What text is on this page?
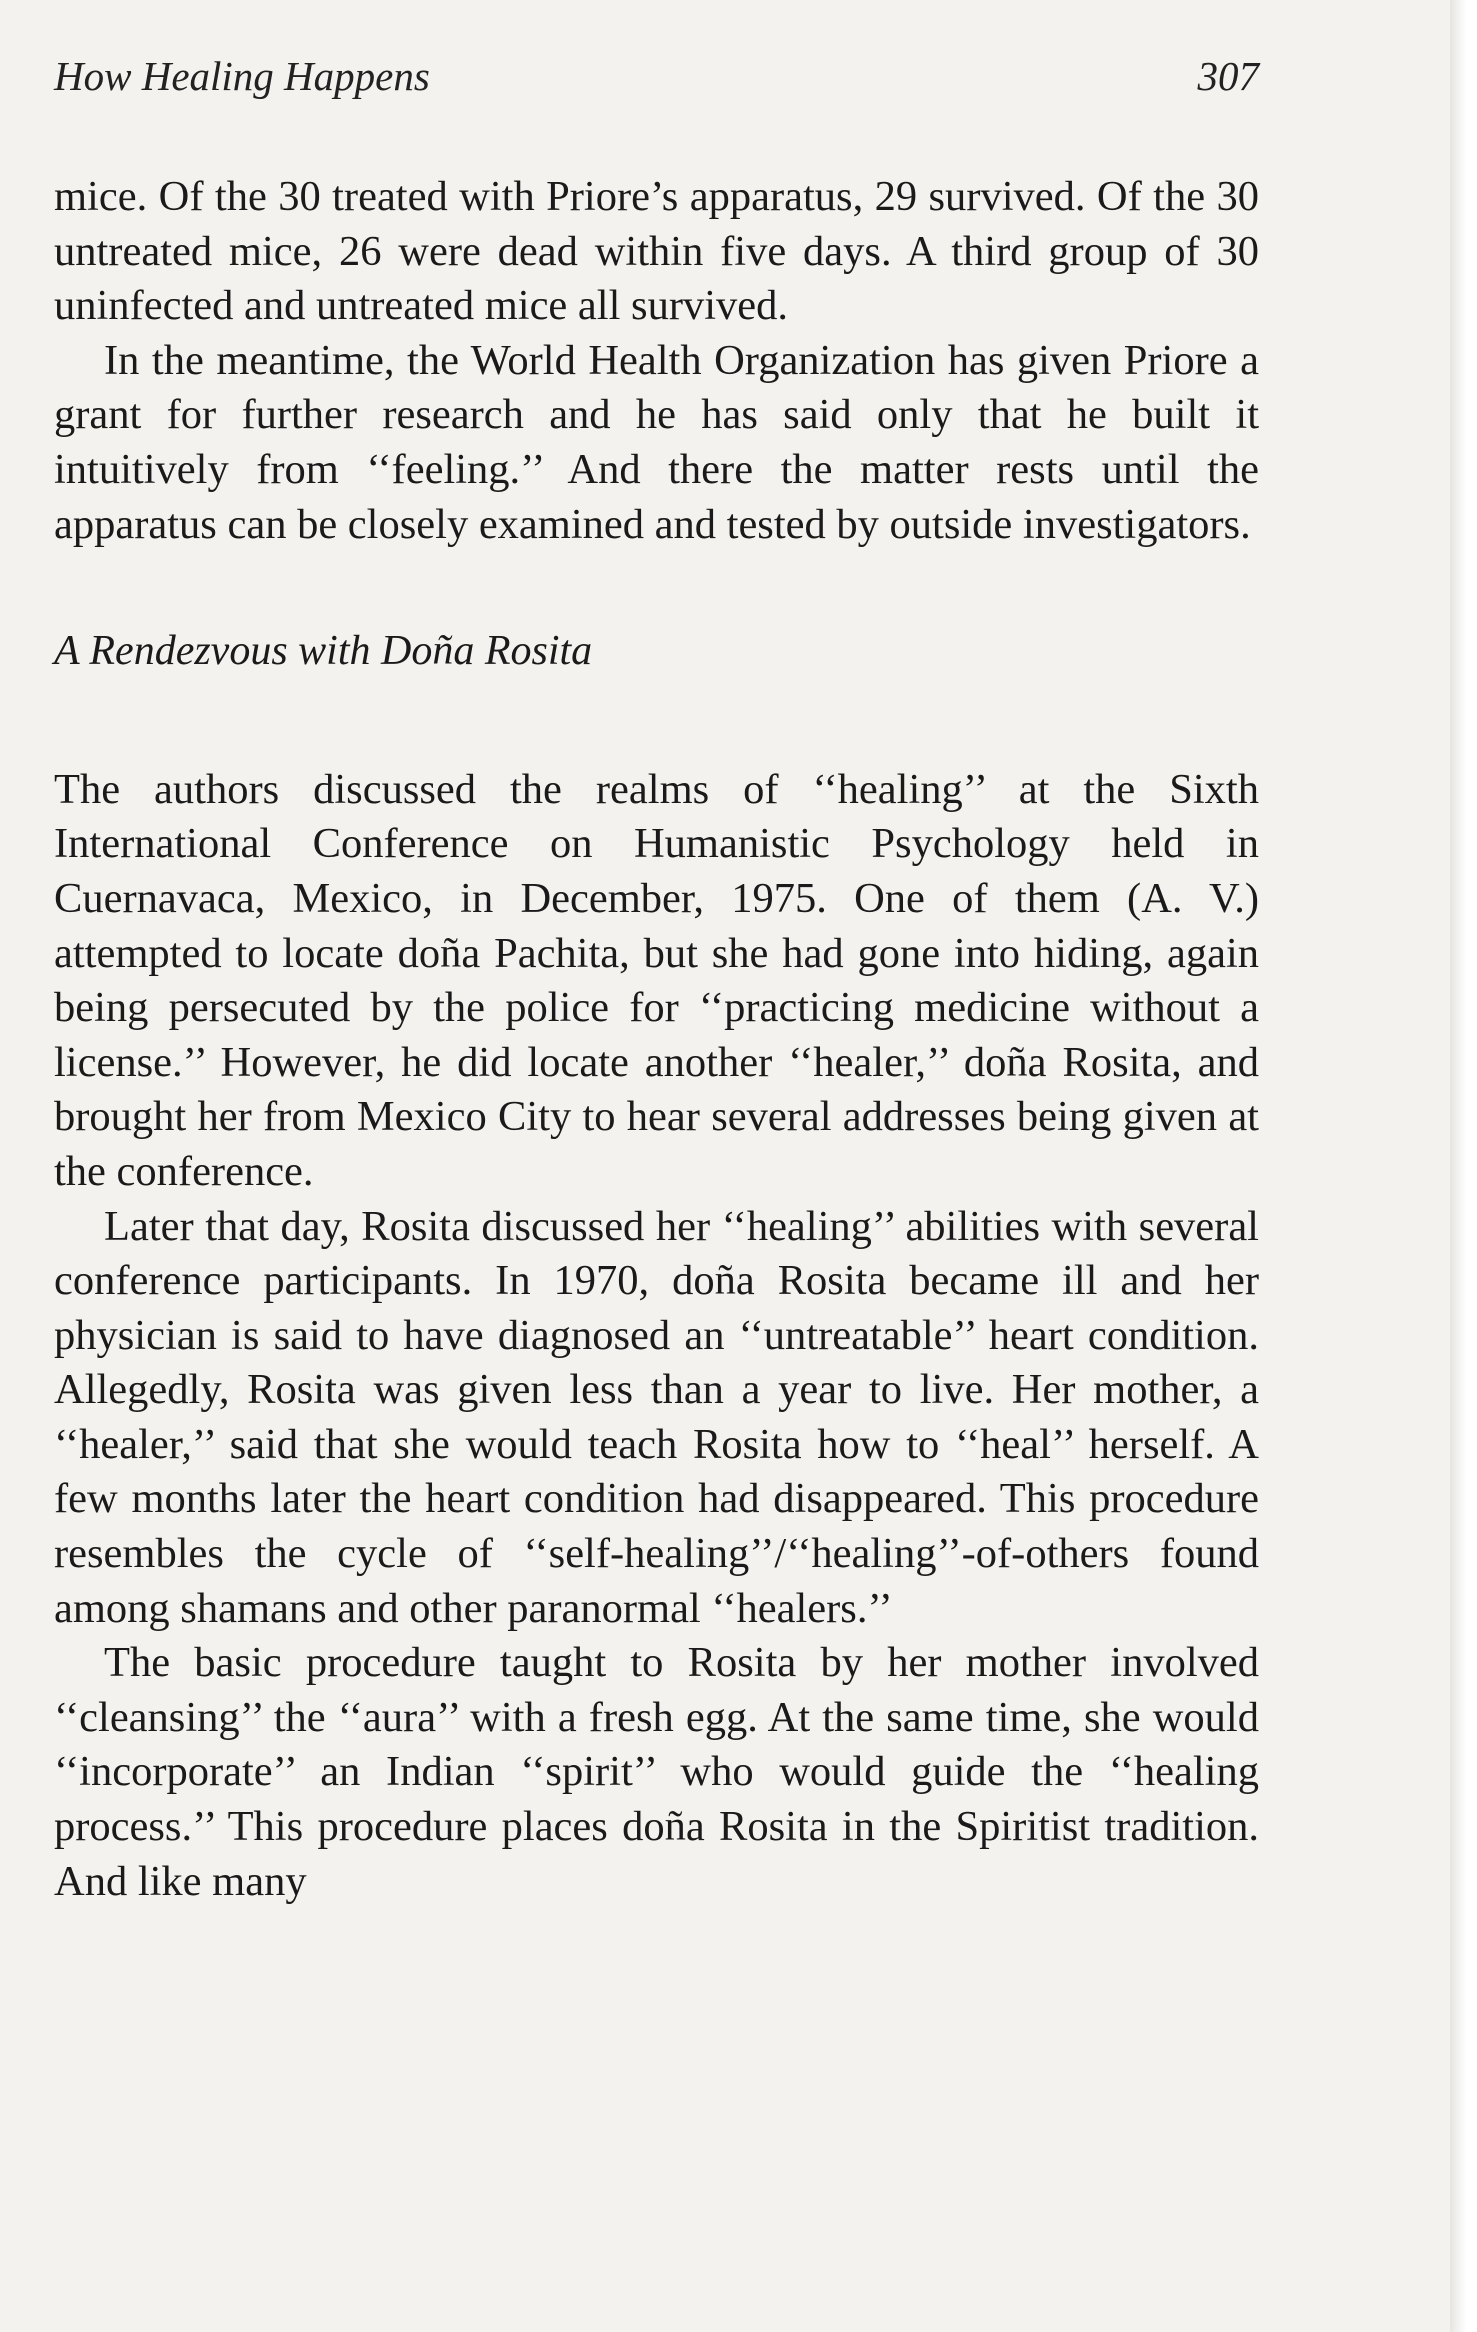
How Healing Happens	307

mice. Of the 30 treated with Priore’s apparatus, 29 survived. Of the 30 untreated mice, 26 were dead within five days. A third group of 30 uninfected and untreated mice all survived.

In the meantime, the World Health Organization has given Priore a grant for further research and he has said only that he built it intuitively from ‘‘feeling.’’ And there the matter rests until the apparatus can be closely examined and tested by outside investigators.

A Rendezvous with Doña Rosita

The authors discussed the realms of ‘‘healing’’ at the Sixth International Conference on Humanistic Psychology held in Cuernavaca, Mexico, in December, 1975. One of them (A. V.) attempted to locate doña Pachita, but she had gone into hiding, again being persecuted by the police for ‘‘practicing medicine without a license.’’ However, he did locate another ‘‘healer,’’ doña Rosita, and brought her from Mexico City to hear several addresses being given at the conference.

Later that day, Rosita discussed her ‘‘healing’’ abilities with several conference participants. In 1970, doña Rosita became ill and her physician is said to have diagnosed an ‘‘untreatable’’ heart condition. Allegedly, Rosita was given less than a year to live. Her mother, a ‘‘healer,’’ said that she would teach Rosita how to ‘‘heal’’ herself. A few months later the heart condition had disappeared. This procedure resembles the cycle of ‘‘self-healing’’/‘‘healing’’-of-others found among shamans and other paranormal ‘‘healers.’’

The basic procedure taught to Rosita by her mother involved ‘‘cleansing’’ the ‘‘aura’’ with a fresh egg. At the same time, she would ‘‘incorporate’’ an Indian ‘‘spirit’’ who would guide the ‘‘healing process.’’ This procedure places doña Rosita in the Spiritist tradition. And like many
